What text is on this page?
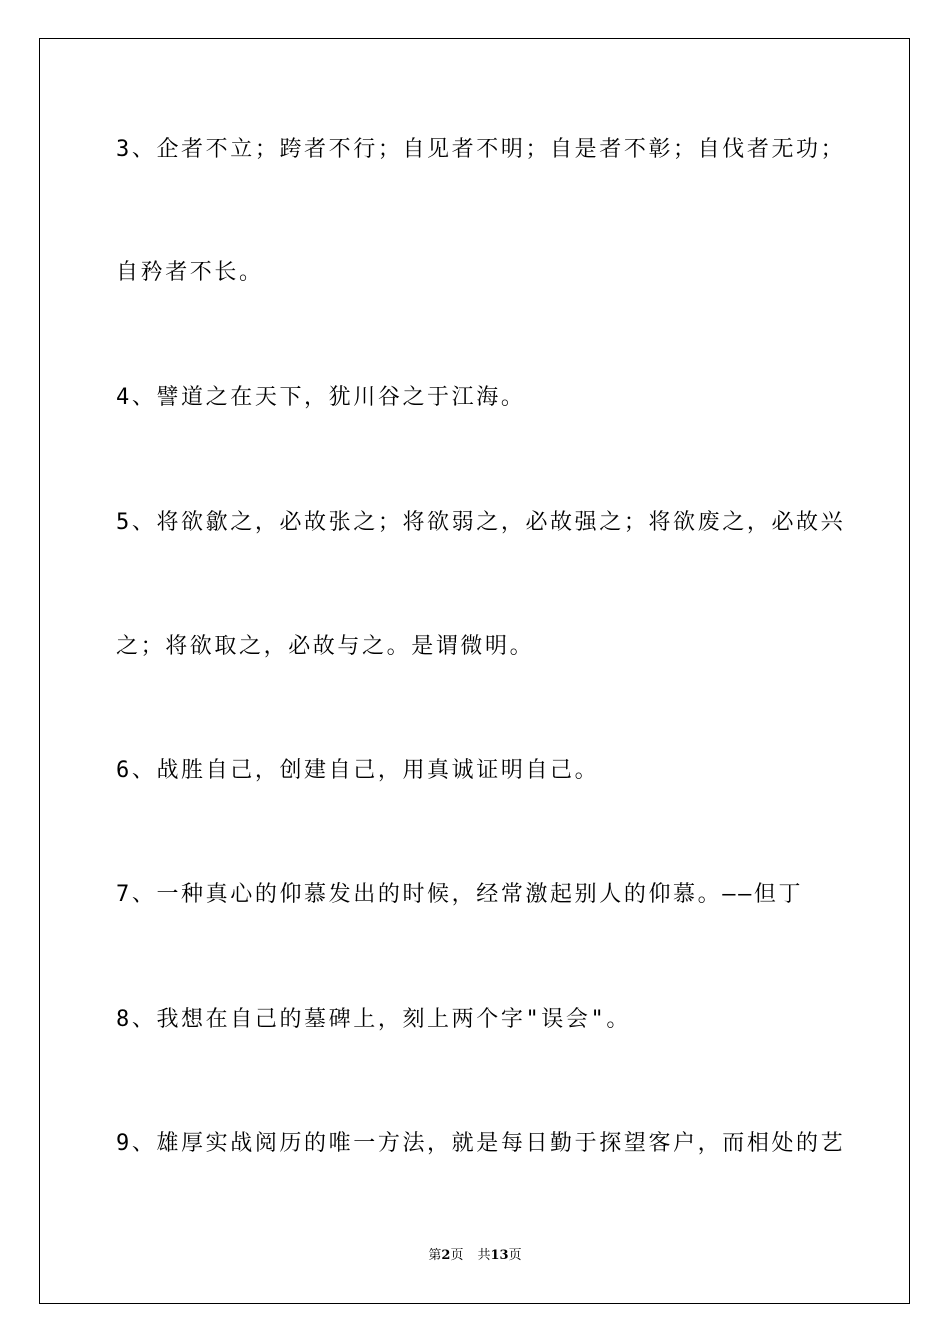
3、企者不立；跨者不行；自见者不明；自是者不彰；自伐者无功；

自矜者不长。

4、譬道之在天下，犹川谷之于江海。

5、将欲歙之，必故张之；将欲弱之，必故强之；将欲废之，必故兴

之；将欲取之，必故与之。是谓微明。

6、战胜自己，创建自己，用真诚证明自己。

7、一种真心的仰慕发出的时候，经常激起别人的仰慕。——但丁

8、我想在自己的墓碑上，刻上两个字"误会"。

9、雄厚实战阅历的唯一方法，就是每日勤于探望客户，而相处的艺

第2页 共13页
